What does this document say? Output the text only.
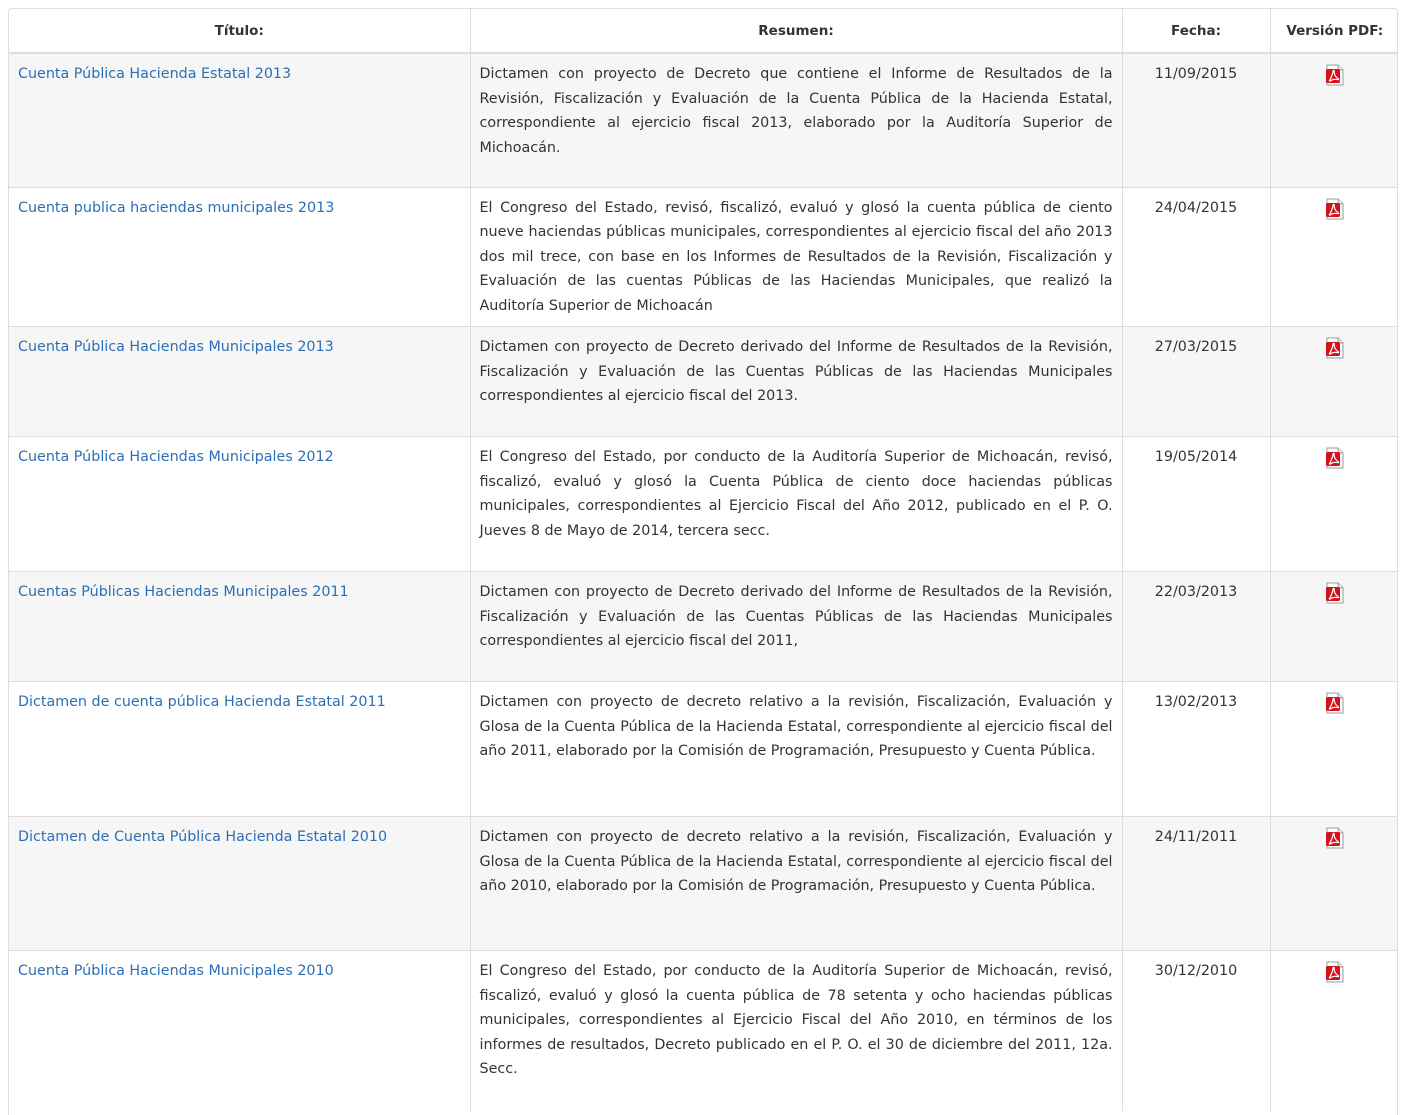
Título:	Resumen:	Fecha:	Versión PDF:
Cuenta Pública Hacienda Estatal 2013	Dictamen con proyecto de Decreto que contiene el Informe de Resultados de la Revisión, Fiscalización y Evaluación de la Cuenta Pública de la Hacienda Estatal, correspondiente al ejercicio fiscal 2013, elaborado por la Auditoría Superior de Michoacán.	11/09/2015	

Cuenta publica haciendas municipales 2013	El Congreso del Estado, revisó, fiscalizó, evaluó y glosó la cuenta pública de ciento nueve haciendas públicas municipales, correspondientes al ejercicio fiscal del año 2013 dos mil trece, con base en los Informes de Resultados de la Revisión, Fiscalización y Evaluación de las cuentas Públicas de las Haciendas Municipales, que realizó la Auditoría Superior de Michoacán	24/04/2015	

Cuenta Pública Haciendas Municipales 2013	Dictamen con proyecto de Decreto derivado del Informe de Resultados de la Revisión, Fiscalización y Evaluación de las Cuentas Públicas de las Haciendas Municipales correspondientes al ejercicio fiscal del 2013.	27/03/2015	

Cuenta Pública Haciendas Municipales 2012	El Congreso del Estado, por conducto de la Auditoría Superior de Michoacán, revisó, fiscalizó, evaluó y glosó la Cuenta Pública de ciento doce haciendas públicas municipales, correspondientes al Ejercicio Fiscal del Año 2012, publicado en el P. O. Jueves 8 de Mayo de 2014, tercera secc.	19/05/2014	

Cuentas Públicas Haciendas Municipales 2011	Dictamen con proyecto de Decreto derivado del Informe de Resultados de la Revisión, Fiscalización y Evaluación de las Cuentas Públicas de las Haciendas Municipales correspondientes al ejercicio fiscal del 2011,	22/03/2013	

Dictamen de cuenta pública Hacienda Estatal 2011	Dictamen con proyecto de decreto relativo a la revisión, Fiscalización, Evaluación y Glosa de la Cuenta Pública de la Hacienda Estatal, correspondiente al ejercicio fiscal del año 2011, elaborado por la Comisión de Programación, Presupuesto y Cuenta Pública.	13/02/2013	

Dictamen de Cuenta Pública Hacienda Estatal 2010	Dictamen con proyecto de decreto relativo a la revisión, Fiscalización, Evaluación y Glosa de la Cuenta Pública de la Hacienda Estatal, correspondiente al ejercicio fiscal del año 2010, elaborado por la Comisión de Programación, Presupuesto y Cuenta Pública.	24/11/2011	

Cuenta Pública Haciendas Municipales 2010	El Congreso del Estado, por conducto de la Auditoría Superior de Michoacán, revisó, fiscalizó, evaluó y glosó la cuenta pública de 78 setenta y ocho haciendas públicas municipales, correspondientes al Ejercicio Fiscal del Año 2010, en términos de los informes de resultados, Decreto publicado en el P. O. el 30 de diciembre del 2011, 12a. Secc.	30/12/2010	
